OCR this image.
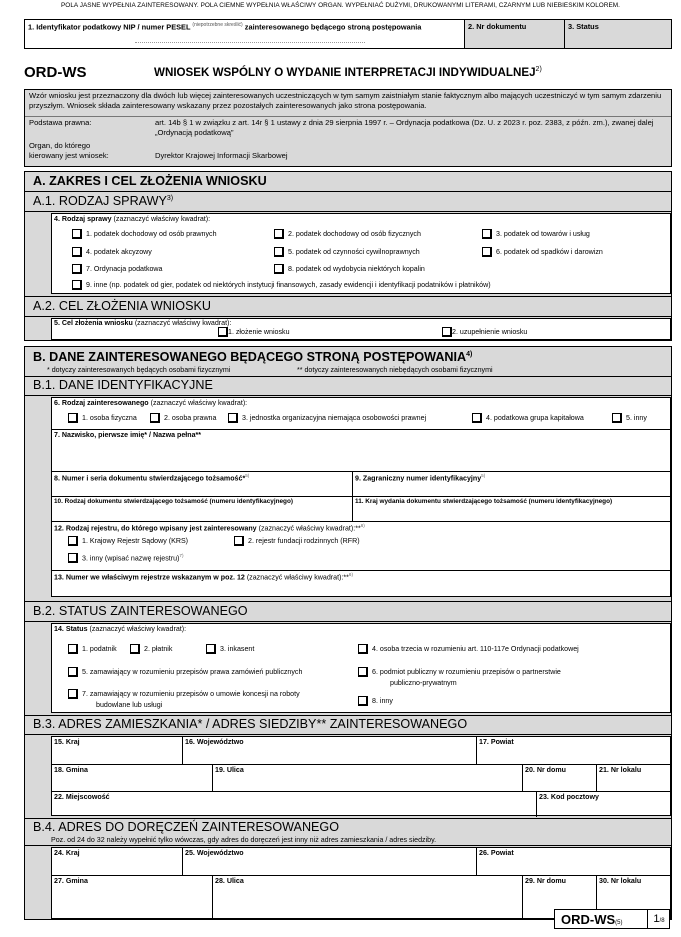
POLA JASNE WYPEŁNIA ZAINTERESOWANY. POLA CIEMNE WYPEŁNIA WŁAŚCIWY ORGAN. WYPEŁNIAĆ DUŻYMI, DRUKOWANYMI LITERAMI, CZARNYM LUB NIEBIESKIM KOLOREM.
1. Identyfikator podatkowy NIP / numer PESEL $^{(niepotrzebne skreślić)}$ zainteresowanego będącego stroną postępowania	2. Nr dokumentu	3. Status
ORD-WS	WNIOSEK WSPÓLNY O WYDANIE INTERPRETACJI INDYWIDUALNEJ$^{2)}$
Wzór wniosku jest przeznaczony dla dwóch lub więcej zainteresowanych uczestniczących w tym samym zaistniałym stanie faktycznym albo mających uczestniczyć w tym samym zdarzeniu przyszłym. Wniosek składa zainteresowany wskazany przez pozostałych zainteresowanych jako strona postępowania.
Podstawa prawna:	art. 14b § 1 w związku z art. 14r § 1 ustawy z dnia 29 sierpnia 1997 r. – Ordynacja podatkowa (Dz. U. z 2023 r. poz. 2383, z późn. zm.), zwanej dalej „Ordynacją podatkową”
Organ, do którego
kierowany jest wniosek:	Dyrektor Krajowej Informacji Skarbowej
A. ZAKRES I CEL ZŁOŻENIA WNIOSKU
A.1. RODZAJ SPRAWY$^{3)}$
4. Rodzaj sprawy (zaznaczyć właściwy kwadrat):
1. podatek dochodowy od osób prawnych	2. podatek dochodowy od osób fizycznych	3. podatek od towarów i usług
4. podatek akcyzowy	5. podatek od czynności cywilnoprawnych	6. podatek od spadków i darowizn
7. Ordynacja podatkowa	8. podatek od wydobycia niektórych kopalin
9. inne (np. podatek od gier, podatek od niektórych instytucji finansowych, zasady ewidencji i identyfikacji podatników i płatników)
A.2. CEL ZŁOŻENIA WNIOSKU
5. Cel złożenia wniosku (zaznaczyć właściwy kwadrat):
1. złożenie wniosku	2. uzupełnienie wniosku
B. DANE ZAINTERESOWANEGO BĘDĄCEGO STRONĄ POSTĘPOWANIA$^{4)}$
* dotyczy zainteresowanych będących osobami fizycznymi	** dotyczy zainteresowanych niebędących osobami fizycznymi
B.1. DANE IDENTYFIKACYJNE
6. Rodzaj zainteresowanego (zaznaczyć właściwy kwadrat):
1. osoba fizyczna	2. osoba prawna	3. jednostka organizacyjna niemająca osobowości prawnej	4. podatkowa grupa kapitałowa	5. inny
7. Nazwisko, pierwsze imię* / Nazwa pełna**
8. Numer i seria dokumentu stwierdzającego tożsamość*$^{5)}$	9. Zagraniczny numer identyfikacyjny$^{5)}$
10. Rodzaj dokumentu stwierdzającego tożsamość (numeru identyfikacyjnego)	11. Kraj wydania dokumentu stwierdzającego tożsamość (numeru identyfikacyjnego)
12. Rodzaj rejestru, do którego wpisany jest zainteresowany (zaznaczyć właściwy kwadrat):**$^{6)}$
1. Krajowy Rejestr Sądowy (KRS)	2. rejestr fundacji rodzinnych (RFR)
3. inny (wpisać nazwę rejestru)$^{7)}$
13. Numer we właściwym rejestrze wskazanym w poz. 12 (zaznaczyć właściwy kwadrat):**$^{6)}$
B.2. STATUS ZAINTERESOWANEGO
14. Status (zaznaczyć właściwy kwadrat):
1. podatnik	2. płatnik	3. inkasent	4. osoba trzecia w rozumieniu art. 110-117e Ordynacji podatkowej
5. zamawiający w rozumieniu przepisów prawa zamówień publicznych	6. podmiot publiczny w rozumieniu przepisów o partnerstwie
publiczno-prywatnym
7. zamawiający w rozumieniu przepisów o umowie koncesji na roboty
budowlane lub usługi
8. inny
B.3. ADRES ZAMIESZKANIA* / ADRES SIEDZIBY** ZAINTERESOWANEGO
15. Kraj	16. Województwo	17. Powiat
18. Gmina	19. Ulica	20. Nr domu	21. Nr lokalu
22. Miejscowość	23. Kod pocztowy
B.4. ADRES DO DORĘCZEŃ ZAINTERESOWANEGO
Poz. od 24 do 32 należy wypełnić tylko wówczas, gdy adres do doręczeń jest inny niż adres zamieszkania / adres siedziby.
24. Kraj	25. Województwo	26. Powiat
27. Gmina	28. Ulica	29. Nr domu	30. Nr lokalu
ORD-WS(5)	1/8
